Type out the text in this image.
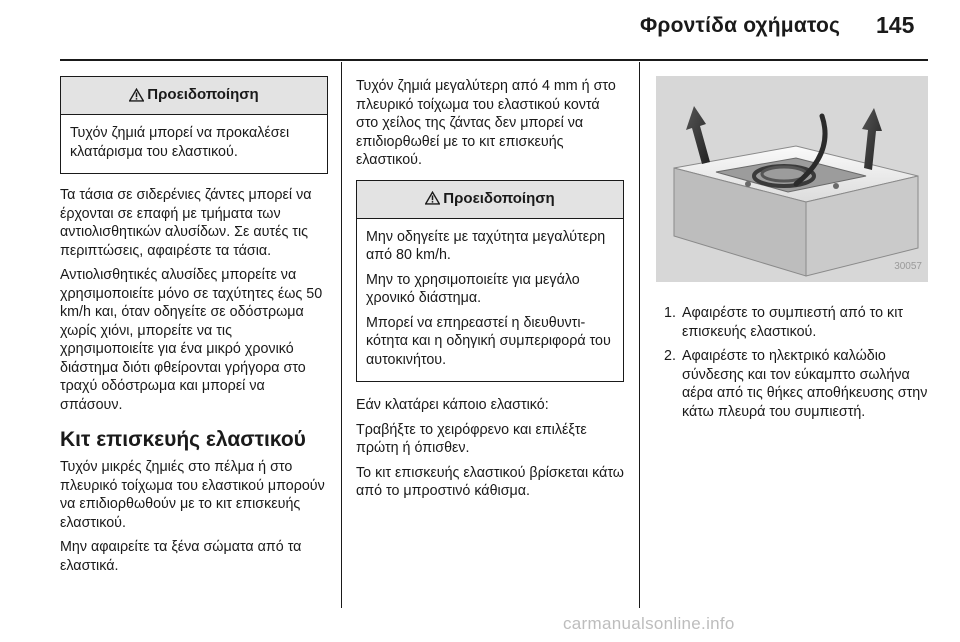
Φροντίδα οχήματος 145
Προειδοποίηση

Τυχόν ζημιά μπορεί να προκαλέσει κλατάρισμα του ελαστικού.

Τα τάσια σε σιδερένιες ζάντες μπορεί να έρχονται σε επαφή με τμήματα των αντιολισθητικών αλυσίδων. Σε αυτές τις περιπτώσεις, αφαιρέστε τα τάσια.

Αντιολισθητικές αλυσίδες μπορείτε να χρησιμοποιείτε μόνο σε ταχύτητες έως 50 km/h και, όταν οδηγείτε σε οδόστρωμα χωρίς χιόνι, μπορείτε να τις χρησιμοποιείτε για ένα μικρό χρονικό διάστημα διότι φθείρονται γρήγορα στο τραχύ οδόστρωμα και μπορεί να σπάσουν.

Κιτ επισκευής ελαστικού

Τυχόν μικρές ζημιές στο πέλμα ή στο πλευρικό τοίχωμα του ελαστικού μπορούν να επιδιορθωθούν με το κιτ επισκευής ελαστικού.

Μην αφαιρείτε τα ξένα σώματα από τα ελαστικά.

Τυχόν ζημιά μεγαλύτερη από 4 mm ή στο πλευρικό τοίχωμα του ελαστικού κοντά στο χείλος της ζάντας δεν μπορεί να επιδιορθωθεί με το κιτ επισκευής ελαστικού.

Προειδοποίηση

Μην οδηγείτε με ταχύτητα μεγαλύτερη από 80 km/h.

Μην το χρησιμοποιείτε για μεγάλο χρονικό διάστημα.

Μπορεί να επηρεαστεί η διευθυντικότητα και η οδηγική συμπεριφορά του αυτοκινήτου.

Εάν κλατάρει κάποιο ελαστικό:

Τραβήξτε το χειρόφρενο και επιλέξτε πρώτη ή όπισθεν.

Το κιτ επισκευής ελαστικού βρίσκεται κάτω από το μπροστινό κάθισμα.

30057
1. Αφαιρέστε το συμπιεστή από το κιτ επισκευής ελαστικού.
2. Αφαιρέστε το ηλεκτρικό καλώδιο σύνδεσης και τον εύκαμπτο σωλήνα αέρα από τις θήκες αποθήκευσης στην κάτω πλευρά του συμπιεστή.
carmanualsonline.info
